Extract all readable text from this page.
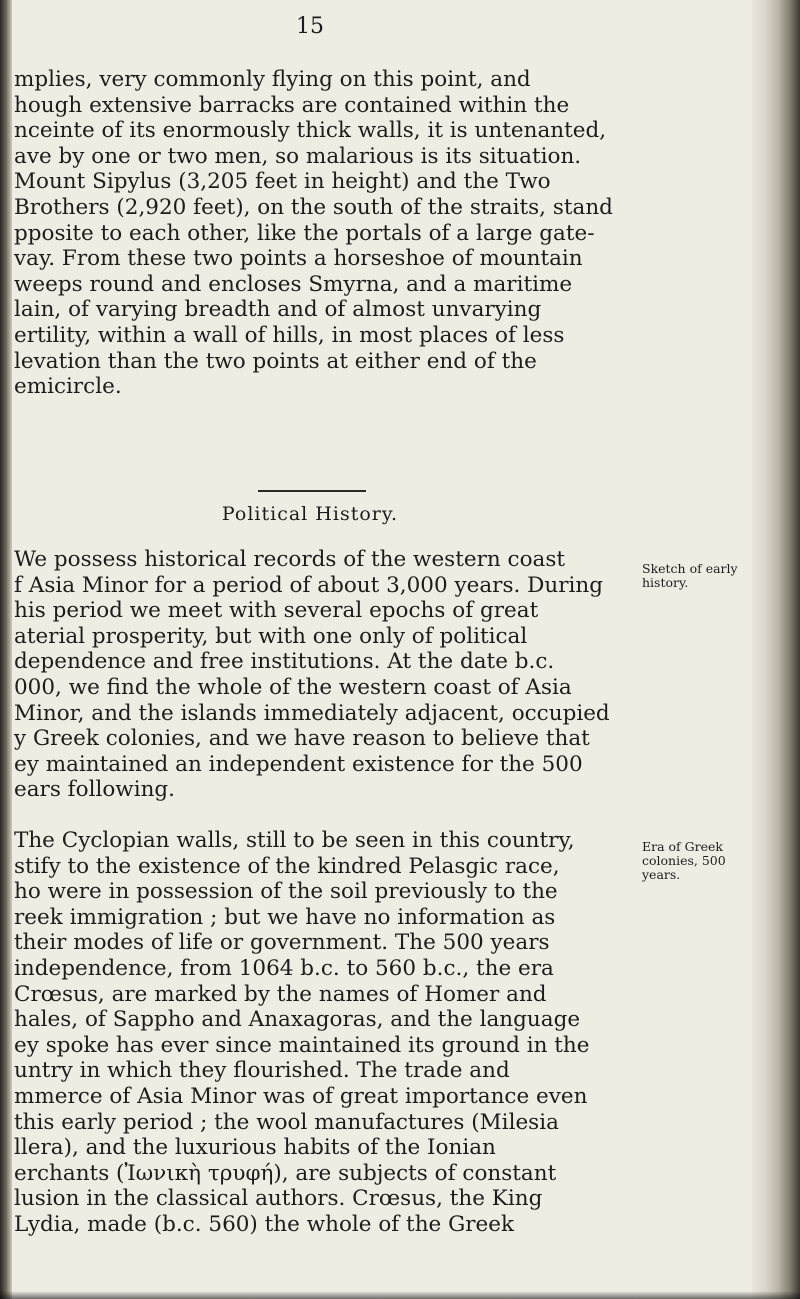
15
mplies, very commonly flying on this point, and
hough extensive barracks are contained within the
nceinte of its enormously thick walls, it is untenanted,
ave by one or two men, so malarious is its situation.
Mount Sipylus (3,205 feet in height) and the Two
Brothers (2,920 feet), on the south of the straits, stand
pposite to each other, like the portals of a large gate-
vay. From these two points a horseshoe of mountain
weeps round and encloses Smyrna, and a maritime
lain, of varying breadth and of almost unvarying
ertility, within a wall of hills, in most places of less
levation than the two points at either end of the
emicircle.
Political History.
We possess historical records of the western coast
f Asia Minor for a period of about 3,000 years. During
his period we meet with several epochs of great
aterial prosperity, but with one only of political
dependence and free institutions. At the date b.c.
000, we find the whole of the western coast of Asia
Minor, and the islands immediately adjacent, occupied
y Greek colonies, and we have reason to believe that
ey maintained an independent existence for the 500
ears following.
The Cyclopian walls, still to be seen in this country,
stify to the existence of the kindred Pelasgic race,
ho were in possession of the soil previously to the
reek immigration ; but we have no information as
their modes of life or government. The 500 years
independence, from 1064 b.c. to 560 b.c., the era
Crœsus, are marked by the names of Homer and
hales, of Sappho and Anaxagoras, and the language
ey spoke has ever since maintained its ground in the
untry in which they flourished. The trade and
mmerce of Asia Minor was of great importance even
this early period ; the wool manufactures (Milesia
llera), and the luxurious habits of the Ionian
erchants (Ἰωνικὴ τρυφή), are subjects of constant
lusion in the classical authors. Crœsus, the King
Lydia, made (b.c. 560) the whole of the Greek
Sketch of early
history.
Era of Greek
colonies, 500
years.
